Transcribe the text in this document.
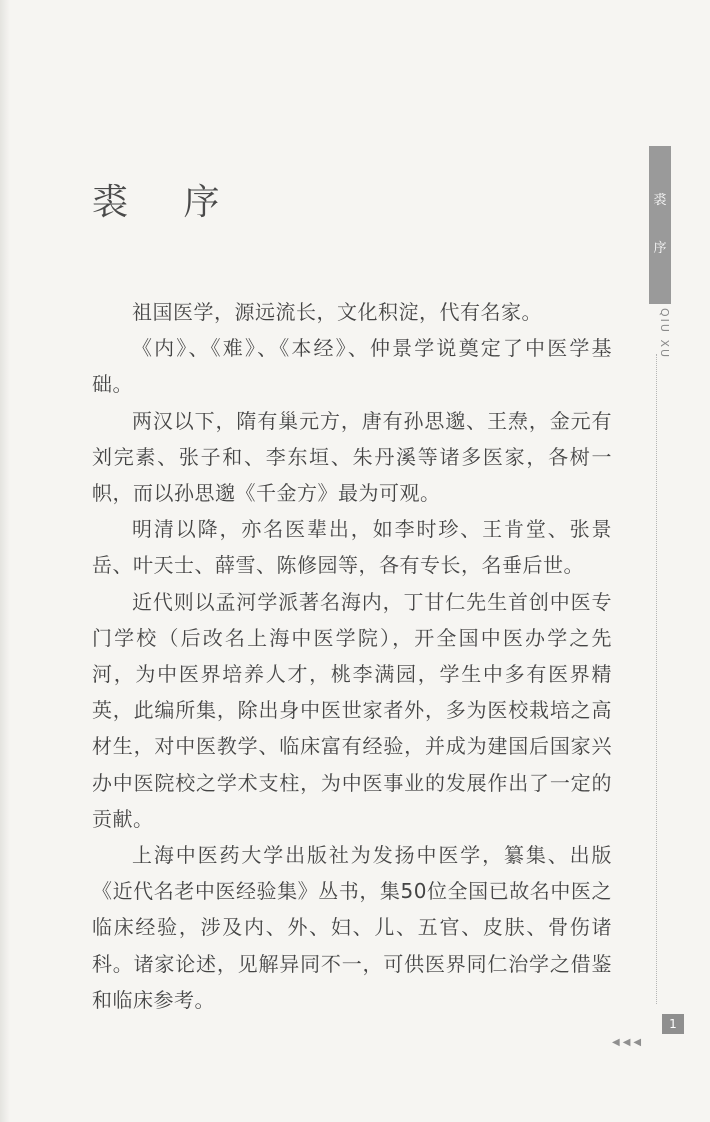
裘 序

祖国医学，源远流长，文化积淀，代有名家。

《内》、《难》、《本经》、仲景学说奠定了中医学基础。

两汉以下，隋有巢元方，唐有孙思邈、王焘，金元有刘完素、张子和、李东垣、朱丹溪等诸多医家，各树一帜，而以孙思邈《千金方》最为可观。

明清以降，亦名医辈出，如李时珍、王肯堂、张景岳、叶天士、薛雪、陈修园等，各有专长，名垂后世。

近代则以孟河学派著名海内，丁甘仁先生首创中医专门学校（后改名上海中医学院），开全国中医办学之先河，为中医界培养人才，桃李满园，学生中多有医界精英，此编所集，除出身中医世家者外，多为医校栽培之高材生，对中医教学、临床富有经验，并成为建国后国家兴办中医院校之学术支柱，为中医事业的发展作出了一定的贡献。

上海中医药大学出版社为发扬中医学，纂集、出版《近代名老中医经验集》丛书，集50位全国已故名中医之临床经验，涉及内、外、妇、儿、五官、皮肤、骨伤诸科。诸家论述，见解异同不一，可供医界同仁治学之借鉴和临床参考。

裘
序
QIU XU
1
◀◀◀
